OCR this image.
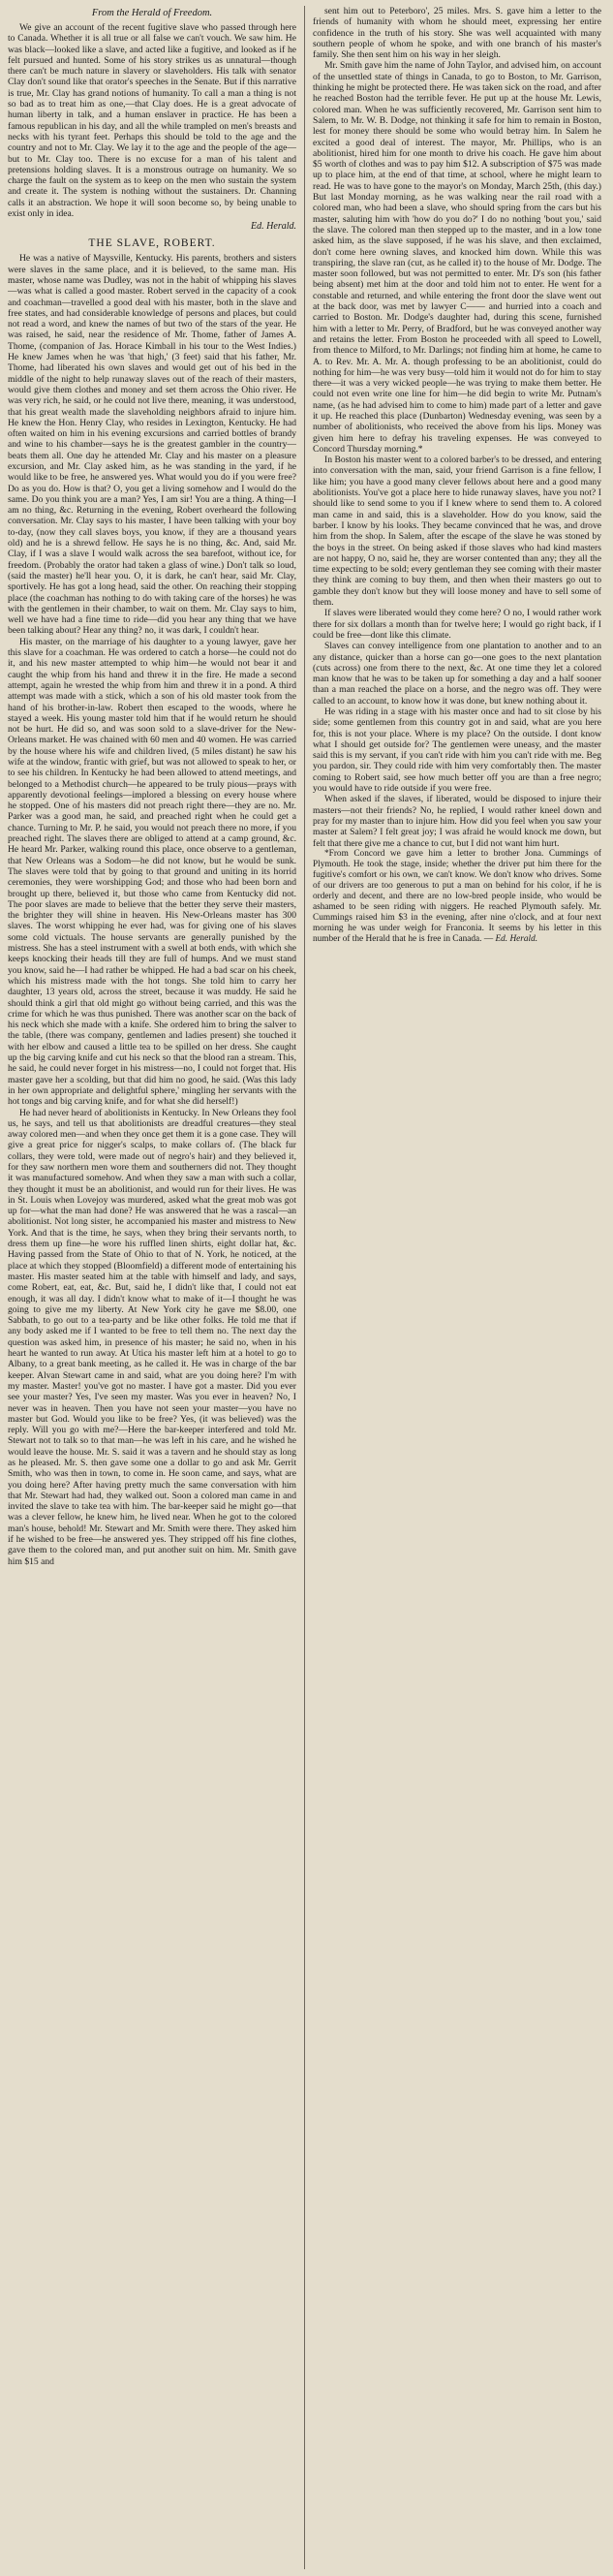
From the Herald of Freedom.

We give an account of the recent fugitive slave who passed through here to Canada. Whether it is all true or all false we can't vouch. We saw him. He was black—looked like a slave, and acted like a fugitive, and looked as if he felt pursued and hunted. Some of his story strikes us as unnatural—though there can't be much nature in slavery or slaveholders. His talk with senator Clay don't sound like that orator's speeches in the Senate. But if this narrative is true, Mr. Clay has grand notions of humanity. To call a man a thing is not so bad as to treat him as one,—that Clay does. He is a great advocate of human liberty in talk, and a human enslaver in practice. He has been a famous republican in his day, and all the while trampled on men's breasts and necks with his tyrant feet. Perhaps this should be told to the age and the country and not to Mr. Clay. We lay it to the age and the people of the age—but to Mr. Clay too. There is no excuse for a man of his talent and pretensions holding slaves. It is a monstrous outrage on humanity. We so charge the fault on the system as to keep on the men who sustain the system and create it. The system is nothing without the sustainers. Dr. Channing calls it an abstraction. We hope it will soon become so, by being unable to exist only in idea.

Ed. Herald.
THE SLAVE, ROBERT.

He was a native of Maysville, Kentucky. His parents, brothers and sisters were slaves in the same place, and it is believed, to the same man. His master, whose name was Dudley, was not in the habit of whipping his slaves—was what is called a good master. Robert served in the capacity of a cook and coachman—travelled a good deal with his master, both in the slave and free states, and had considerable knowledge of persons and places, but could not read a word, and knew the names of but two of the stars of the year. He was raised, he said, near the residence of Mr. Thome, father of James A. Thome, (companion of Jas. Horace Kimball in his tour to the West Indies.) He knew James when he was 'that high,' (3 feet) said that his father, Mr. Thome, had liberated his own slaves and would get out of his bed in the middle of the night to help runaway slaves out of the reach of their masters, would give them clothes and money and set them across the Ohio river. He was very rich, he said, or he could not live there, meaning, it was understood, that his great wealth made the slaveholding neighbors afraid to injure him. He knew the Hon. Henry Clay, who resides in Lexington, Kentucky. He had often waited on him in his evening excursions and carried bottles of brandy and wine to his chamber—says he is the greatest gambler in the country—beats them all. One day he attended Mr. Clay and his master on a pleasure excursion, and Mr. Clay asked him, as he was standing in the yard, if he would like to be free, he answered yes. What would you do if you were free? Do as you do. How is that? O, you get a living somehow and I would do the same. Do you think you are a man? Yes, I am sir! You are a thing. A thing—I am no thing, &c. Returning in the evening, Robert overheard the following conversation. Mr. Clay says to his master, I have been talking with your boy to-day, (now they call slaves boys, you know, if they are a thousand years old) and he is a shrewd fellow. He says he is no thing, &c. And, said Mr. Clay, if I was a slave I would walk across the sea barefoot, without ice, for freedom. (Probably the orator had taken a glass of wine.) Don't talk so loud, (said the master) he'll hear you. O, it is dark, he can't hear, said Mr. Clay, sportively. He has got a long head, said the other. On reaching their stopping place (the coachman has nothing to do with taking care of the horses) he was with the gentlemen in their chamber, to wait on them. Mr. Clay says to him, well we have had a fine time to ride—did you hear any thing that we have been talking about? Hear any thing? no, it was dark, I couldn't hear.

His master, on the marriage of his daughter to a young lawyer, gave her this slave for a coachman. He was ordered to catch a horse—he could not do it, and his new master attempted to whip him—he would not bear it and caught the whip from his hand and threw it in the fire. He made a second attempt, again he wrested the whip from him and threw it in a pond. A third attempt was made with a stick, which a son of his old master took from the hand of his brother-in-law. Robert then escaped to the woods, where he stayed a week. His young master told him that if he would return he should not be hurt. He did so, and was soon sold to a slave-driver for the New-Orleans market. He was chained with 60 men and 40 women. He was carried by the house where his wife and children lived, (5 miles distant) he saw his wife at the window, frantic with grief, but was not allowed to speak to her, or to see his children. In Kentucky he had been allowed to attend meetings, and belonged to a Methodist church—he appeared to be truly pious—prays with apparently devotional feelings—implored a blessing on every house where he stopped. One of his masters did not preach right there—they are no. Mr. Parker was a good man, he said, and preached right when he could get a chance. Turning to Mr. P. he said, you would not preach there no more, if you preached right. The slaves there are obliged to attend at a camp ground, &c. He heard Mr. Parker, walking round this place, once observe to a gentleman, that New Orleans was a Sodom—he did not know, but he would be sunk. The slaves were told that by going to that ground and uniting in its horrid ceremonies, they were worshipping God; and those who had been born and brought up there, believed it, but those who came from Kentucky did not. The poor slaves are made to believe that the better they serve their masters, the brighter they will shine in heaven. His New-Orleans master has 300 slaves. The worst whipping he ever had, was for giving one of his slaves some cold victuals. The house servants are generally punished by the mistress. She has a steel instrument with a swell at both ends, with which she keeps knocking their heads till they are full of humps. And we must stand you know, said he—I had rather be whipped. He had a bad scar on his cheek, which his mistress made with the hot tongs. She told him to carry her daughter, 13 years old, across the street, because it was muddy. He said he should think a girl that old might go without being carried, and this was the crime for which he was thus punished. There was another scar on the back of his neck which she made with a knife. She ordered him to bring the salver to the table, (there was company, gentlemen and ladies present) she touched it with her elbow and caused a little tea to be spilled on her dress. She caught up the big carving knife and cut his neck so that the blood ran a stream. This, he said, he could never forget in his mistress—no, I could not forget that. His master gave her a scolding, but that did him no good, he said. (Was this lady in her own appropriate and delightful sphere,' mingling her servants with the hot tongs and big carving knife, and for what she did herself!)

He had never heard of abolitionists in Kentucky. In New Orleans they fool us, he says, and tell us that abolitionists are dreadful creatures—they steal away colored men—and when they once get them it is a gone case. They will give a great price for nigger's scalps, to make collars of. (The black fur collars, they were told, were made out of negro's hair) and they believed it, for they saw northern men wore them and southerners did not. They thought it was manufactured somehow. And when they saw a man with such a collar, they thought it must be an abolitionist, and would run for their lives. He was in St. Louis when Lovejoy was murdered, asked what the great mob was got up for—what the man had done? He was answered that he was a rascal—an abolitionist. Not long sister, he accompanied his master and mistress to New York. And that is the time, he says, when they bring their servants north, to dress them up fine—he wore his ruffled linen shirts, eight dollar hat, &c. Having passed from the State of Ohio to that of N. York, he noticed, at the place at which they stopped (Bloomfield) a different mode of entertaining his master. His master seated him at the table with himself and lady, and says, come Robert, eat, eat, &c. But, said he, I didn't like that, I could not eat enough, it was all day. I didn't know what to make of it—I thought he was going to give me my liberty. At New York city he gave me $8.00, one Sabbath, to go out to a tea-party and be like other folks. He told me that if any body asked me if I wanted to be free to tell them no. The next day the question was asked him, in presence of his master; he said no, when in his heart he wanted to run away. At Utica his master left him at a hotel to go to Albany, to a great bank meeting, as he called it. He was in charge of the bar keeper. Alvan Stewart came in and said, what are you doing here? I'm with my master. Master! you've got no master. I have got a master. Did you ever see your master? Yes, I've seen my master. Was you ever in heaven? No, I never was in heaven. Then you have not seen your master—you have no master but God. Would you like to be free? Yes, (it was believed) was the reply. Will you go with me?—Here the bar-keeper interfered and told Mr. Stewart not to talk so to that man—he was left in his care, and he wished he would leave the house. Mr. S. said it was a tavern and he should stay as long as he pleased. Mr. S. then gave some one a dollar to go and ask Mr. Gerrit Smith, who was then in town, to come in. He soon came, and says, what are you doing here? After having pretty much the same conversation with him that Mr. Stewart had had, they walked out. Soon a colored man came in and invited the slave to take tea with him. The bar-keeper said he might go—that was a clever fellow, he knew him, he lived near. When he got to the colored man's house, behold! Mr. Stewart and Mr. Smith were there. They asked him if he wished to be free—he answered yes. They stripped off his fine clothes, gave them to the colored man, and put another suit on him. Mr. Smith gave him $15 and

sent him out to Peterboro', 25 miles. Mrs. S. gave him a letter to the friends of humanity with whom he should meet, expressing her entire confidence in the truth of his story. She was well acquainted with many southern people of whom he spoke, and with one branch of his master's family. She then sent him on his way in her sleigh.

Mr. Smith gave him the name of John Taylor, and advised him, on account of the unsettled state of things in Canada, to go to Boston, to Mr. Garrison, thinking he might be protected there. He was taken sick on the road, and after he reached Boston had the terrible fever. He put up at the house Mr. Lewis, colored man. When he was sufficiently recovered, Mr. Garrison sent him to Salem, to Mr. W. B. Dodge, not thinking it safe for him to remain in Boston, lest for money there should be some who would betray him. In Salem he excited a good deal of interest. The mayor, Mr. Phillips, who is an abolitionist, hired him for one month to drive his coach. He gave him about $5 worth of clothes and was to pay him $12. A subscription of $75 was made up to place him, at the end of that time, at school, where he might learn to read. He was to have gone to the mayor's on Monday, March 25th, (this day.) But last Monday morning, as he was walking near the rail road with a colored man, who had been a slave, who should spring from the cars but his master, saluting him with 'how do you do?' I do no nothing 'bout you,' said the slave. The colored man then stepped up to the master, and in a low tone asked him, as the slave supposed, if he was his slave, and then exclaimed, don't come here owning slaves, and knocked him down. While this was transpiring, the slave ran (cut, as he called it) to the house of Mr. Dodge. The master soon followed, but was not permitted to enter. Mr. D's son (his father being absent) met him at the door and told him not to enter. He went for a constable and returned, and while entering the front door the slave went out at the back door, was met by lawyer C—— and hurried into a coach and carried to Boston. Mr. Dodge's daughter had, during this scene, furnished him with a letter to Mr. Perry, of Bradford, but he was conveyed another way and retains the letter. From Boston he proceeded with all speed to Lowell, from thence to Milford, to Mr. Darlings; not finding him at home, he came to A. to Rev. Mr. A. Mr. A. though professing to be an abolitionist, could do nothing for him—he was very busy—told him it would not do for him to stay there—it was a very wicked people—he was trying to make them better. He could not even write one line for him—he did begin to write Mr. Putnam's name, (as he had advised him to come to him) made part of a letter and gave it up. He reached this place (Dunbarton) Wednesday evening, was seen by a number of abolitionists, who received the above from his lips. Money was given him here to defray his traveling expenses. He was conveyed to Concord Thursday morning.*

In Boston his master went to a colored barber's to be dressed, and entering into conversation with the man, said, your friend Garrison is a fine fellow, I like him; you have a good many clever fellows about here and a good many abolitionists. You've got a place here to hide runaway slaves, have you not? I should like to send some to you if I knew where to send them to. A colored man came in and said, this is a slaveholder. How do you know, said the barber. I know by his looks. They became convinced that he was, and drove him from the shop. In Salem, after the escape of the slave he was stoned by the boys in the street. On being asked if those slaves who had kind masters are not happy, O no, said he, they are worser contented than any; they all the time expecting to be sold; every gentleman they see coming with their master they think are coming to buy them, and then when their masters go out to gamble they don't know but they will loose money and have to sell some of them.

If slaves were liberated would they come here? O no, I would rather work there for six dollars a month than for twelve here; I would go right back, if I could be free—dont like this climate.

Slaves can convey intelligence from one plantation to another and to an any distance, quicker than a horse can go—one goes to the next plantation (cuts across) one from there to the next, &c. At one time they let a colored man know that he was to be taken up for something a day and a half sooner than a man reached the place on a horse, and the negro was off. They were called to an account, to know how it was done, but knew nothing about it.

He was riding in a stage with his master once and had to sit close by his side; some gentlemen from this country got in and said, what are you here for, this is not your place. Where is my place? On the outside. I dont know what I should get outside for? The gentlemen were uneasy, and the master said this is my servant, if you can't ride with him you can't ride with me. Beg you pardon, sir. They could ride with him very comfortably then. The master coming to Robert said, see how much better off you are than a free negro; you would have to ride outside if you were free.

When asked if the slaves, if liberated, would be disposed to injure their masters—not their friends? No, he replied, I would rather kneel down and pray for my master than to injure him. How did you feel when you saw your master at Salem? I felt great joy; I was afraid he would knock me down, but felt that there give me a chance to cut, but I did not want him hurt.

*From Concord we gave him a letter to brother Jona. Cummings of Plymouth. He took the stage, inside; whether the driver put him there for the fugitive's comfort or his own, we can't know. We don't know who drives. Some of our drivers are too generous to put a man on behind for his color, if he is orderly and decent, and there are no low-bred people inside, who would be ashamed to be seen riding with niggers. He reached Plymouth safely. Mr. Cummings raised him $3 in the evening, after nine o'clock, and at four next morning he was under weigh for Franconia. It seems by his letter in this number of the Herald that he is free in Canada. — Ed. Herald.
